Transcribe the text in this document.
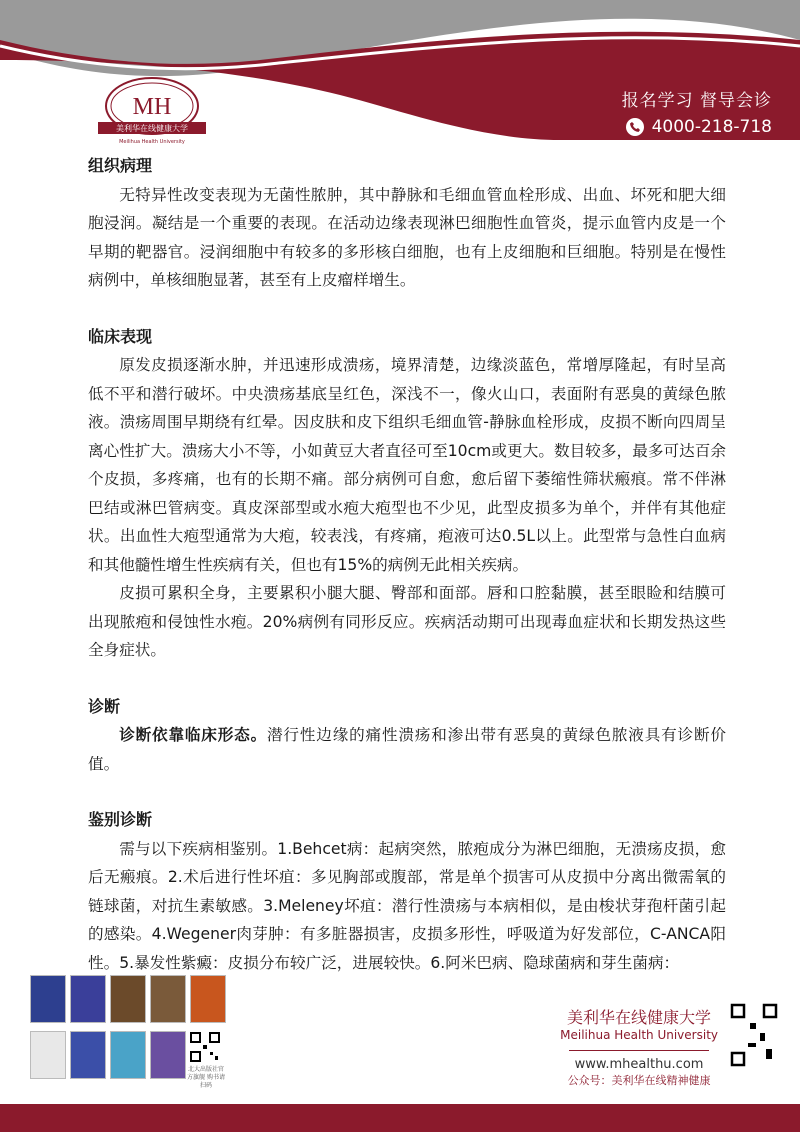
MH
美利华在线健康大学
Meilihua Health University
报名学习 督导会诊
4000-218-718

组织病理

无特异性改变表现为无菌性脓肿，其中静脉和毛细血管血栓形成、出血、坏死和肥大细胞浸润。凝结是一个重要的表现。在活动边缘表现淋巴细胞性血管炎，提示血管内皮是一个早期的靶器官。浸润细胞中有较多的多形核白细胞，也有上皮细胞和巨细胞。特别是在慢性病例中，单核细胞显著，甚至有上皮瘤样增生。

临床表现

原发皮损逐渐水肿，并迅速形成溃疡，境界清楚，边缘淡蓝色，常增厚隆起，有时呈高低不平和潜行破坏。中央溃疡基底呈红色，深浅不一，像火山口，表面附有恶臭的黄绿色脓液。溃疡周围早期绕有红晕。因皮肤和皮下组织毛细血管-静脉血栓形成，皮损不断向四周呈离心性扩大。溃疡大小不等，小如黄豆大者直径可至10cm或更大。数目较多，最多可达百余个皮损，多疼痛，也有的长期不痛。部分病例可自愈，愈后留下萎缩性筛状瘢痕。常不伴淋巴结或淋巴管病变。真皮深部型或水疱大疱型也不少见，此型皮损多为单个，并伴有其他症状。出血性大疱型通常为大疱，较表浅，有疼痛，疱液可达0.5L以上。此型常与急性白血病和其他髓性增生性疾病有关，但也有15%的病例无此相关疾病。

皮损可累积全身，主要累积小腿大腿、臀部和面部。唇和口腔黏膜，甚至眼睑和结膜可出现脓疱和侵蚀性水疱。20%病例有同形反应。疾病活动期可出现毒血症状和长期发热这些全身症状。

诊断

诊断依靠临床形态。潜行性边缘的痛性溃疡和渗出带有恶臭的黄绿色脓液具有诊断价值。

鉴别诊断

需与以下疾病相鉴别。1.Behcet病：起病突然，脓疱成分为淋巴细胞，无溃疡皮损，愈后无瘢痕。2.术后进行性坏疽：多见胸部或腹部，常是单个损害可从皮损中分离出微需氧的链球菌，对抗生素敏感。3.Meleney坏疽：潜行性溃疡与本病相似，是由梭状芽孢杆菌引起的感染。4.Wegener肉芽肿：有多脏器损害，皮损多形性，呼吸道为好发部位，C-ANCA阳性。5.暴发性紫癜：皮损分布较广泛，进展较快。6.阿米巴病、隐球菌病和芽生菌病：

北大出版社官方旗舰 购书请扫码
美利华在线健康大学
Meilihua Health University
www.mhealthu.com
公众号：美利华在线精神健康
